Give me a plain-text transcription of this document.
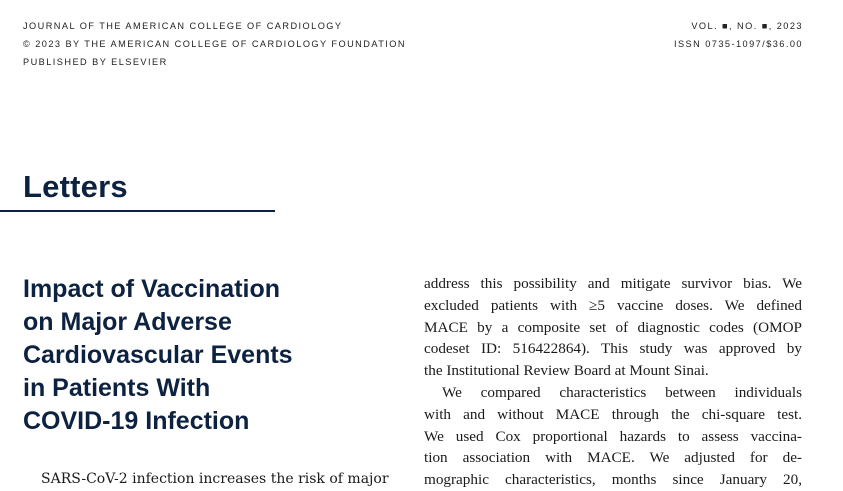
JOURNAL OF THE AMERICAN COLLEGE OF CARDIOLOGY
© 2023 BY THE AMERICAN COLLEGE OF CARDIOLOGY FOUNDATION
PUBLISHED BY ELSEVIER
VOL. ■, NO. ■, 2023
ISSN 0735-1097/$36.00
Letters
Impact of Vaccination
on Major Adverse
Cardiovascular Events
in Patients With
COVID-19 Infection
SARS-CoV-2 infection increases the risk of major

address this possibility and mitigate survivor bias. We
excluded patients with ≥5 vaccine doses. We defined
MACE by a composite set of diagnostic codes (OMOP
codeset ID: 516422864). This study was approved by
the Institutional Review Board at Mount Sinai.

We compared characteristics between individuals
with and without MACE through the chi-square test.
We used Cox proportional hazards to assess vaccina-
tion association with MACE. We adjusted for de-
mographic characteristics, months since January 20,
